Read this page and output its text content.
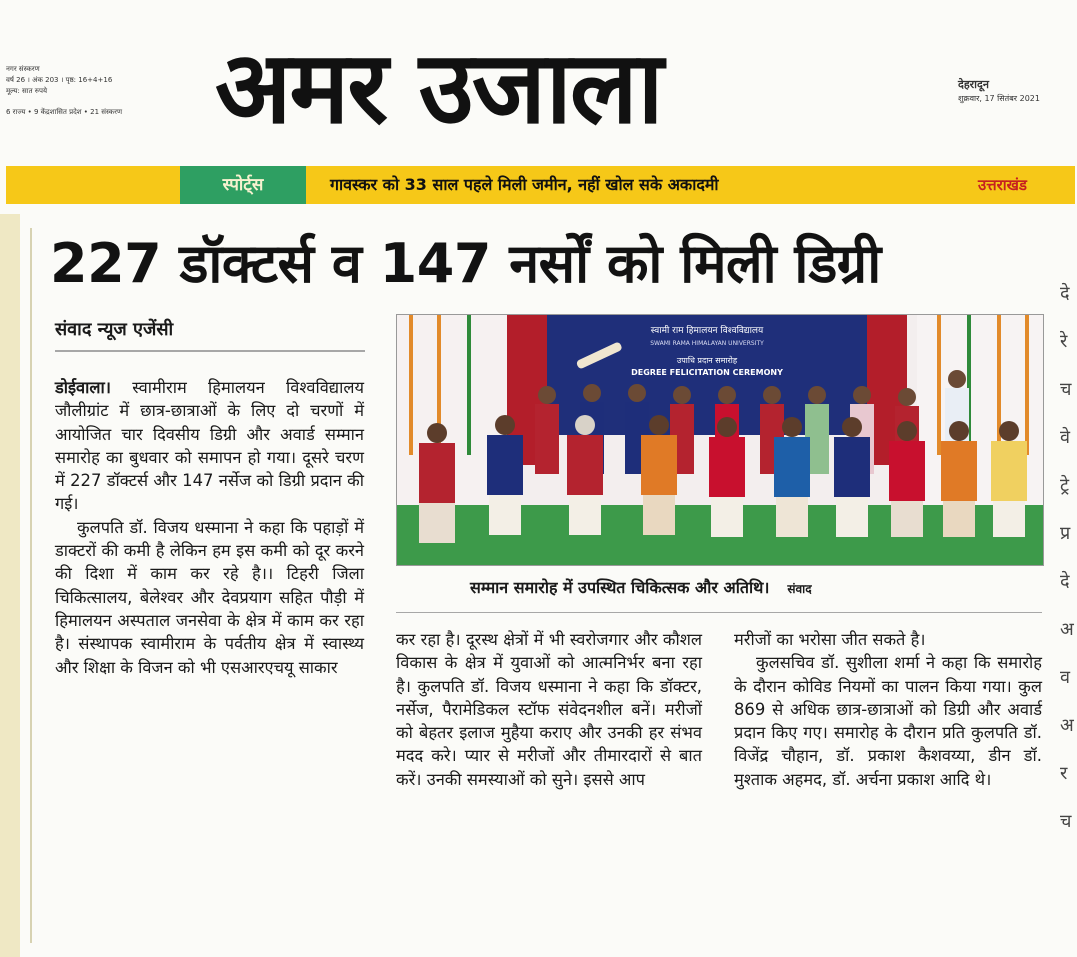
नगर संस्करण
वर्ष 26 । अंक 203 । पृष्ठ: 16+4+16
मूल्य: सात रुपये
6 राज्य • 9 केंद्रशासित प्रदेश • 21 संस्करण अमर उजाला	देहरादून
शुक्रवार, 17 सितंबर 2021
स्पोर्ट्स	गावस्कर को 33 साल पहले मिली जमीन, नहीं खोल सके अकादमी	उत्तराखंड
दे
रे
च
वे
ट्रे
प्र
दे
अ
व
अ
र
च
227 डॉक्टर्स व 147 नर्सों को मिली डिग्री
संवाद न्यूज एजेंसी	स्वामी राम हिमालयन विश्वविद्यालय
SWAMI RAMA HIMALAYAN UNIVERSITY
उपाधि प्रदान समारोह
DEGREE FELICITATION CEREMONY
सम्मान समारोह में उपस्थित चिकित्सक और अतिथि। संवाद

डोईवाला। स्वामीराम हिमालयन विश्वविद्यालय जौलीग्रांट में छात्र-छात्राओं के लिए दो चरणों में आयोजित चार दिवसीय डिग्री और अवार्ड सम्मान समारोह का बुधवार को समापन हो गया। दूसरे चरण में 227 डॉक्टर्स और 147 नर्सेज को डिग्री प्रदान की गई।

कुलपति डॉ. विजय धस्माना ने कहा कि पहाड़ों में डाक्टरों की कमी है लेकिन हम इस कमी को दूर करने की दिशा में काम कर रहे है।। टिहरी जिला चिकित्सालय, बेलेश्वर और देवप्रयाग सहित पौड़ी में हिमालयन अस्पताल जनसेवा के क्षेत्र में काम कर रहा है। संस्थापक स्वामीराम के पर्वतीय क्षेत्र में स्वास्थ्य और शिक्षा के विजन को भी एसआरएचयू साकार

कर रहा है। दूरस्थ क्षेत्रों में भी स्वरोजगार और कौशल विकास के क्षेत्र में युवाओं को आत्मनिर्भर बना रहा है। कुलपति डॉ. विजय धस्माना ने कहा कि डॉक्टर, नर्सेज, पैरामेडिकल स्टॉफ संवेदनशील बनें। मरीजों को बेहतर इलाज मुहैया कराए और उनकी हर संभव मदद करे। प्यार से मरीजों और तीमारदारों से बात करें। उनकी समस्याओं को सुने। इससे आप

मरीजों का भरोसा जीत सकते है।

कुलसचिव डॉ. सुशीला शर्मा ने कहा कि समारोह के दौरान कोविड नियमों का पालन किया गया। कुल 869 से अधिक छात्र-छात्राओं को डिग्री और अवार्ड प्रदान किए गए। समारोह के दौरान प्रति कुलपति डॉ. विजेंद्र चौहान, डॉ. प्रकाश कैशवय्या, डीन डॉ. मुश्ताक अहमद, डॉ. अर्चना प्रकाश आदि थे।
